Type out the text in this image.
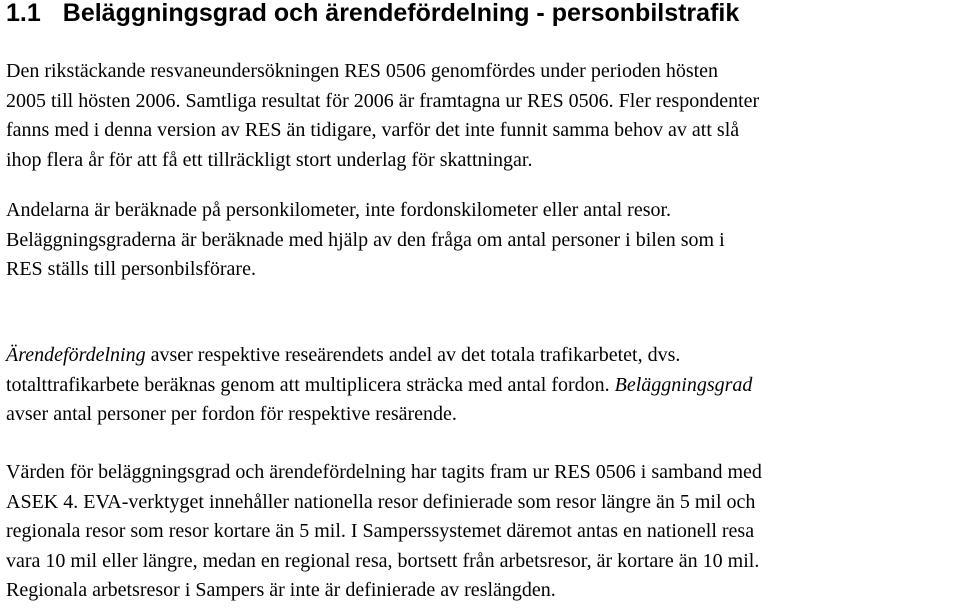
1.1 Beläggningsgrad och ärendefördelning - personbilstrafik

Den rikstäckande resvaneundersökningen RES 0506 genomfördes under perioden hösten
2005 till hösten 2006. Samtliga resultat för 2006 är framtagna ur RES 0506. Fler respondenter
fanns med i denna version av RES än tidigare, varför det inte funnit samma behov av att slå
ihop flera år för att få ett tillräckligt stort underlag för skattningar.

Andelarna är beräknade på personkilometer, inte fordonskilometer eller antal resor.
Beläggningsgraderna är beräknade med hjälp av den fråga om antal personer i bilen som i
RES ställs till personbilsförare.

Ärendefördelning avser respektive reseärendets andel av det totala trafikarbetet, dvs.
totalttrafikarbete beräknas genom att multiplicera sträcka med antal fordon. Beläggningsgrad
avser antal personer per fordon för respektive resärende.

Värden för beläggningsgrad och ärendefördelning har tagits fram ur RES 0506 i samband med
ASEK 4. EVA-verktyget innehåller nationella resor definierade som resor längre än 5 mil och
regionala resor som resor kortare än 5 mil. I Samperssystemet däremot antas en nationell resa
vara 10 mil eller längre, medan en regional resa, bortsett från arbetsresor, är kortare än 10 mil.
Regionala arbetsresor i Sampers är inte är definierade av reslängden.
